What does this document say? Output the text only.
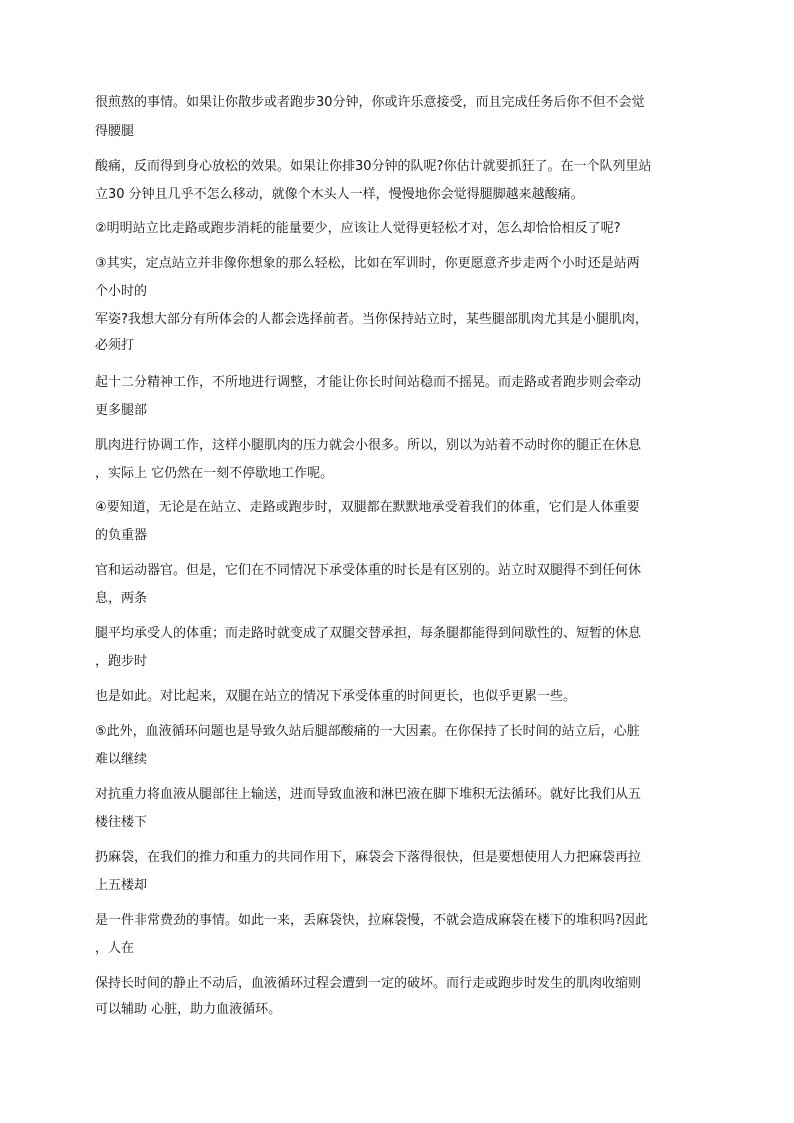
很煎熬的事情。如果让你散步或者跑步30分钟，你或许乐意接受，而且完成任务后你不但不会觉
得腰腿
酸痛，反而得到身心放松的效果。如果让你排30分钟的队呢?你估计就要抓狂了。在一个队列里站
立30 分钟且几乎不怎么移动，就像个木头人一样，慢慢地你会觉得腿脚越来越酸痛。
②明明站立比走路或跑步消耗的能量要少，应该让人觉得更轻松才对，怎么却恰恰相反了呢?
③其实，定点站立并非像你想象的那么轻松，比如在军训时，你更愿意齐步走两个小时还是站两
个小时的
军姿?我想大部分有所体会的人都会选择前者。当你保持站立时，某些腿部肌肉尤其是小腿肌肉，
必须打
起十二分精神工作，不所地进行调整，才能让你长时间站稳而不摇晃。而走路或者跑步则会牵动
更多腿部
肌肉进行协调工作，这样小腿肌肉的压力就会小很多。所以，别以为站着不动时你的腿正在休息
，实际上 它仍然在一刻不停歇地工作呢。
④要知道，无论是在站立、走路或跑步时，双腿都在默默地承受着我们的体重，它们是人体重要
的负重器
官和运动器官。但是，它们在不同情况下承受体重的时长是有区别的。站立时双腿得不到任何休
息，两条
腿平均承受人的体重；而走路时就变成了双腿交替承担，每条腿都能得到间歇性的、短暂的休息
，跑步时
也是如此。对比起来，双腿在站立的情况下承受体重的时间更长，也似乎更累一些。
⑤此外，血液循环问题也是导致久站后腿部酸痛的一大因素。在你保持了长时间的站立后，心脏
难以继续
对抗重力将血液从腿部往上输送，进而导致血液和淋巴液在脚下堆积无法循环。就好比我们从五
楼往楼下
扔麻袋，在我们的推力和重力的共同作用下，麻袋会下落得很快，但是要想使用人力把麻袋再拉
上五楼却
是一件非常费劲的事情。如此一来，丢麻袋快，拉麻袋慢，不就会造成麻袋在楼下的堆积吗?因此
，人在
保持长时间的静止不动后，血液循环过程会遭到一定的破坏。而行走或跑步时发生的肌肉收缩则
可以辅助 心脏，助力血液循环。
